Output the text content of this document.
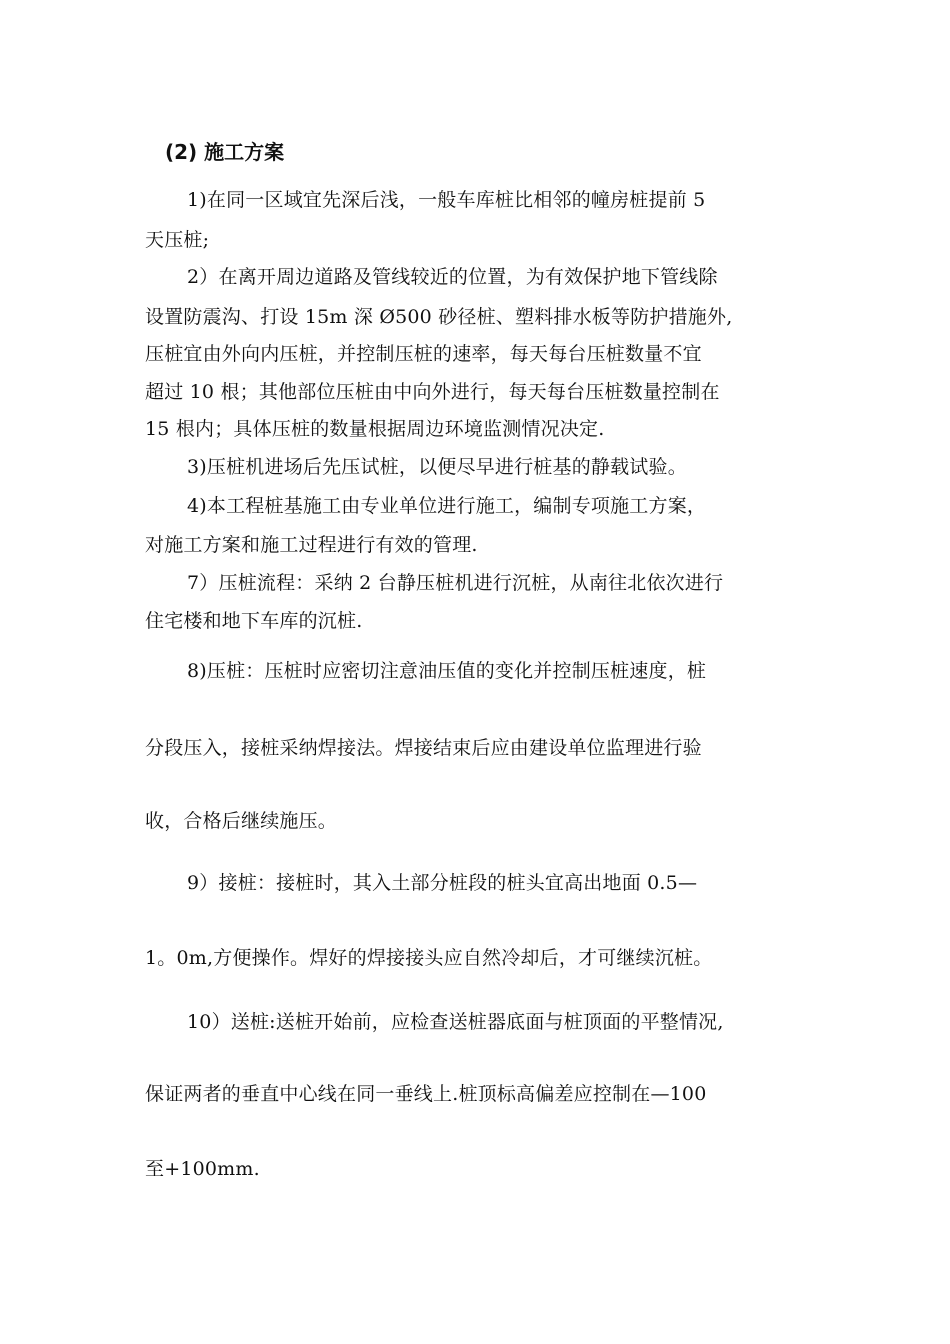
(2) 施工方案
1)在同一区域宜先深后浅，一般车库桩比相邻的幢房桩提前 5
天压桩;
2）在离开周边道路及管线较近的位置，为有效保护地下管线除
设置防震沟、打设 15m 深 Ø500 砂径桩、塑料排水板等防护措施外,
压桩宜由外向内压桩，并控制压桩的速率，每天每台压桩数量不宜
超过 10 根；其他部位压桩由中向外进行，每天每台压桩数量控制在
15 根内；具体压桩的数量根据周边环境监测情况决定.
3)压桩机进场后先压试桩，以便尽早进行桩基的静载试验。
4)本工程桩基施工由专业单位进行施工，编制专项施工方案，
对施工方案和施工过程进行有效的管理.
7）压桩流程：采纳 2 台静压桩机进行沉桩，从南往北依次进行
住宅楼和地下车库的沉桩.
8)压桩：压桩时应密切注意油压值的变化并控制压桩速度，桩
分段压入，接桩采纳焊接法。焊接结束后应由建设单位监理进行验
收，合格后继续施压。
9）接桩：接桩时，其入土部分桩段的桩头宜高出地面 0.5—
1。0m,方便操作。焊好的焊接接头应自然冷却后，才可继续沉桩。
10）送桩:送桩开始前，应检查送桩器底面与桩顶面的平整情况,
保证两者的垂直中心线在同一垂线上.桩顶标高偏差应控制在—100
至+100mm.
